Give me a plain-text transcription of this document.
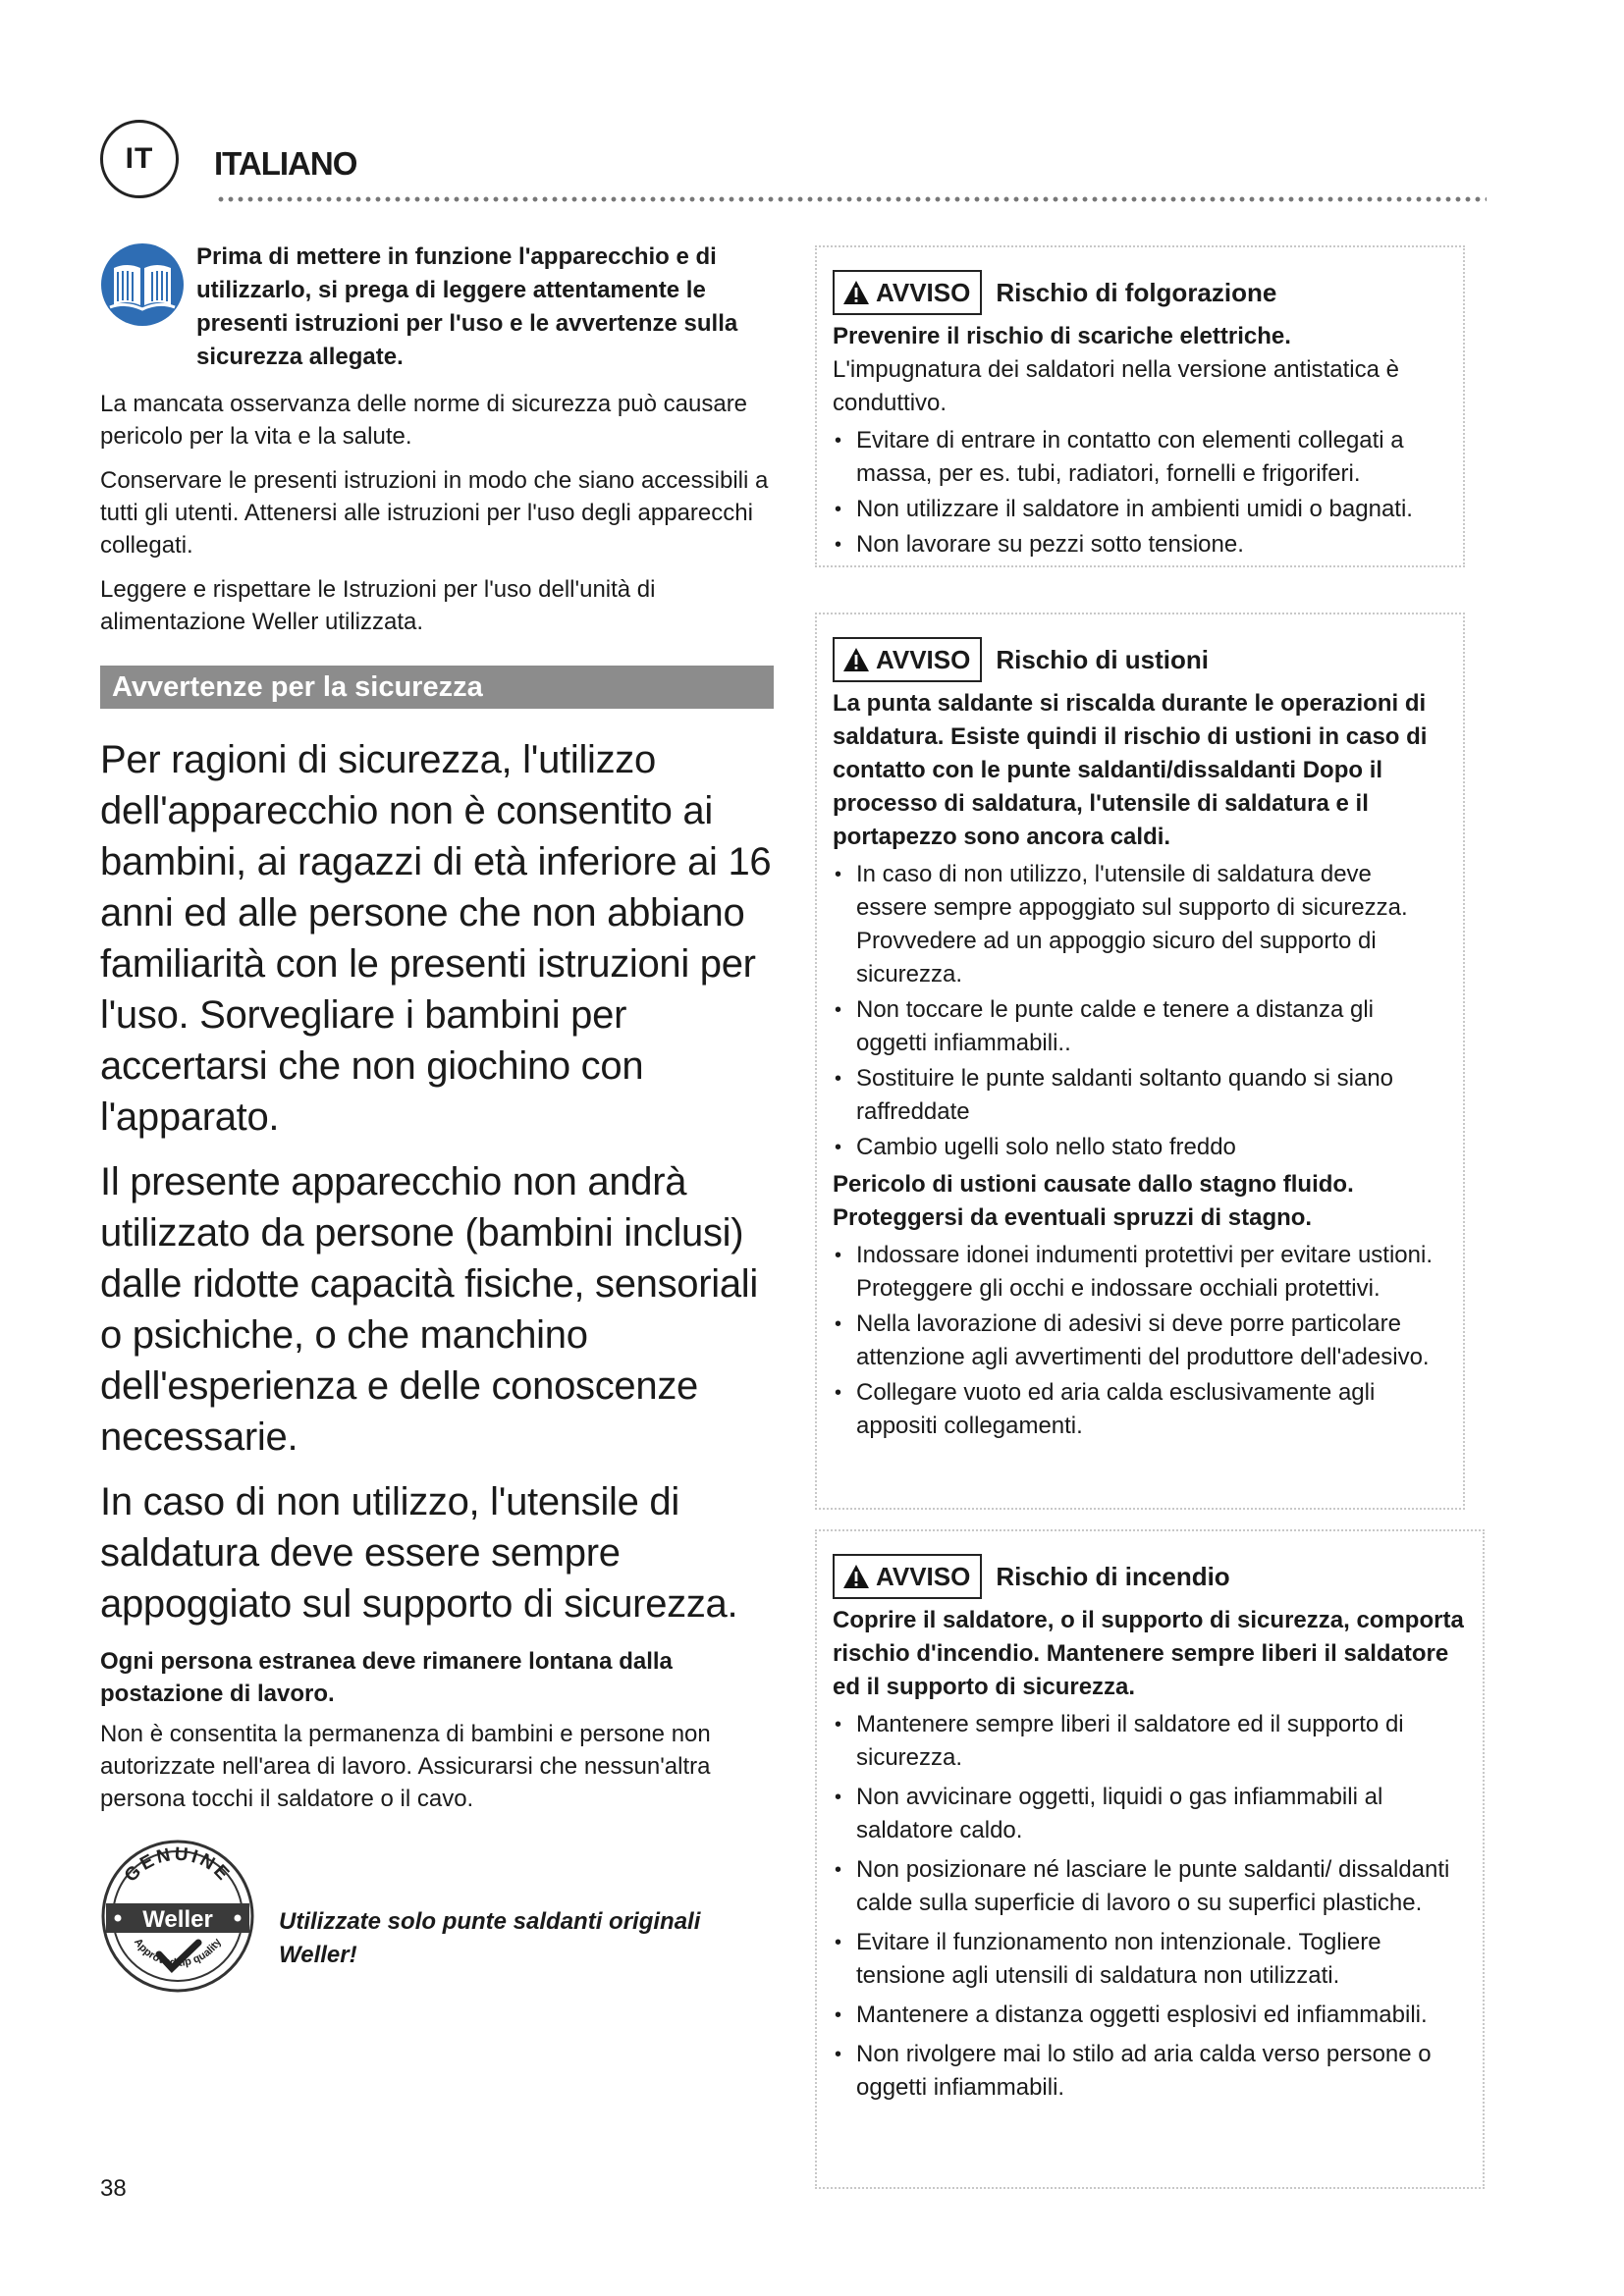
IT	ITALIANO
Prima di mettere in funzione l'apparecchio e di utilizzarlo, si prega di leggere attentamente le presenti istruzioni per l'uso e le avvertenze sulla sicurezza allegate.

La mancata osservanza delle norme di sicurezza può causare pericolo per la vita e la salute.

Conservare le presenti istruzioni in modo che siano accessibili a tutti gli utenti. Attenersi alle istruzioni per l'uso degli apparecchi collegati.

Leggere e rispettare le Istruzioni per l'uso dell'unità di alimentazione Weller utilizzata.

Avvertenze per la sicurezza

Per ragioni di sicurezza, l'utilizzo dell'apparecchio non è consentito ai bambini, ai ragazzi di età inferiore ai 16 anni ed alle persone che non abbiano familiarità con le presenti istruzioni per l'uso. Sorvegliare i bambini per accertarsi che non giochino con l'apparato.

Il presente apparecchio non andrà utilizzato da persone (bambini inclusi) dalle ridotte capacità fisiche, sensoriali o psichiche, o che manchino dell'esperienza e delle conoscenze necessarie.

In caso di non utilizzo, l'utensile di saldatura deve essere sempre appoggiato sul supporto di sicurezza.

Ogni persona estranea deve rimanere lontana dalla postazione di lavoro.

Non è consentita la permanenza di bambini e persone non autorizzate nell'area di lavoro. Assicurarsi che nessun'altra persona tocchi il saldatore o il cavo.

GENUINE
Weller
Approved tip quality
Utilizzate solo punte saldanti originali Weller!
38
AVVISO Rischio di folgorazione

Prevenire il rischio di scariche elettriche.

L'impugnatura dei saldatori nella versione antistatica è conduttivo.

• Evitare di entrare in contatto con elementi collegati a massa, per es. tubi, radiatori, fornelli e frigoriferi.
• Non utilizzare il saldatore in ambienti umidi o bagnati.
• Non lavorare su pezzi sotto tensione.
AVVISO Rischio di ustioni

La punta saldante si riscalda durante le operazioni di saldatura. Esiste quindi il rischio di ustioni in caso di contatto con le punte saldanti/dissaldanti Dopo il processo di saldatura, l'utensile di saldatura e il portapezzo sono ancora caldi.

• In caso di non utilizzo, l'utensile di saldatura deve essere sempre appoggiato sul supporto di sicurezza. Provvedere ad un appoggio sicuro del supporto di sicurezza.
• Non toccare le punte calde e tenere a distanza gli oggetti infiammabili..
• Sostituire le punte saldanti soltanto quando si siano raffreddate
• Cambio ugelli solo nello stato freddo

Pericolo di ustioni causate dallo stagno fluido. Proteggersi da eventuali spruzzi di stagno.

• Indossare idonei indumenti protettivi per evitare ustioni. Proteggere gli occhi e indossare occhiali protettivi.
• Nella lavorazione di adesivi si deve porre particolare attenzione agli avvertimenti del produttore dell'adesivo.
• Collegare vuoto ed aria calda esclusivamente agli appositi collegamenti.
AVVISO Rischio di incendio

Coprire il saldatore, o il supporto di sicurezza, comporta rischio d'incendio. Mantenere sempre liberi il saldatore ed il supporto di sicurezza.

• Mantenere sempre liberi il saldatore ed il supporto di sicurezza.
• Non avvicinare oggetti, liquidi o gas infiammabili al saldatore caldo.
• Non posizionare né lasciare le punte saldanti/ dissaldanti calde sulla superficie di lavoro o su superfici plastiche.
• Evitare il funzionamento non intenzionale. Togliere tensione agli utensili di saldatura non utilizzati.
• Mantenere a distanza oggetti esplosivi ed infiammabili.
• Non rivolgere mai lo stilo ad aria calda verso persone o oggetti infiammabili.
